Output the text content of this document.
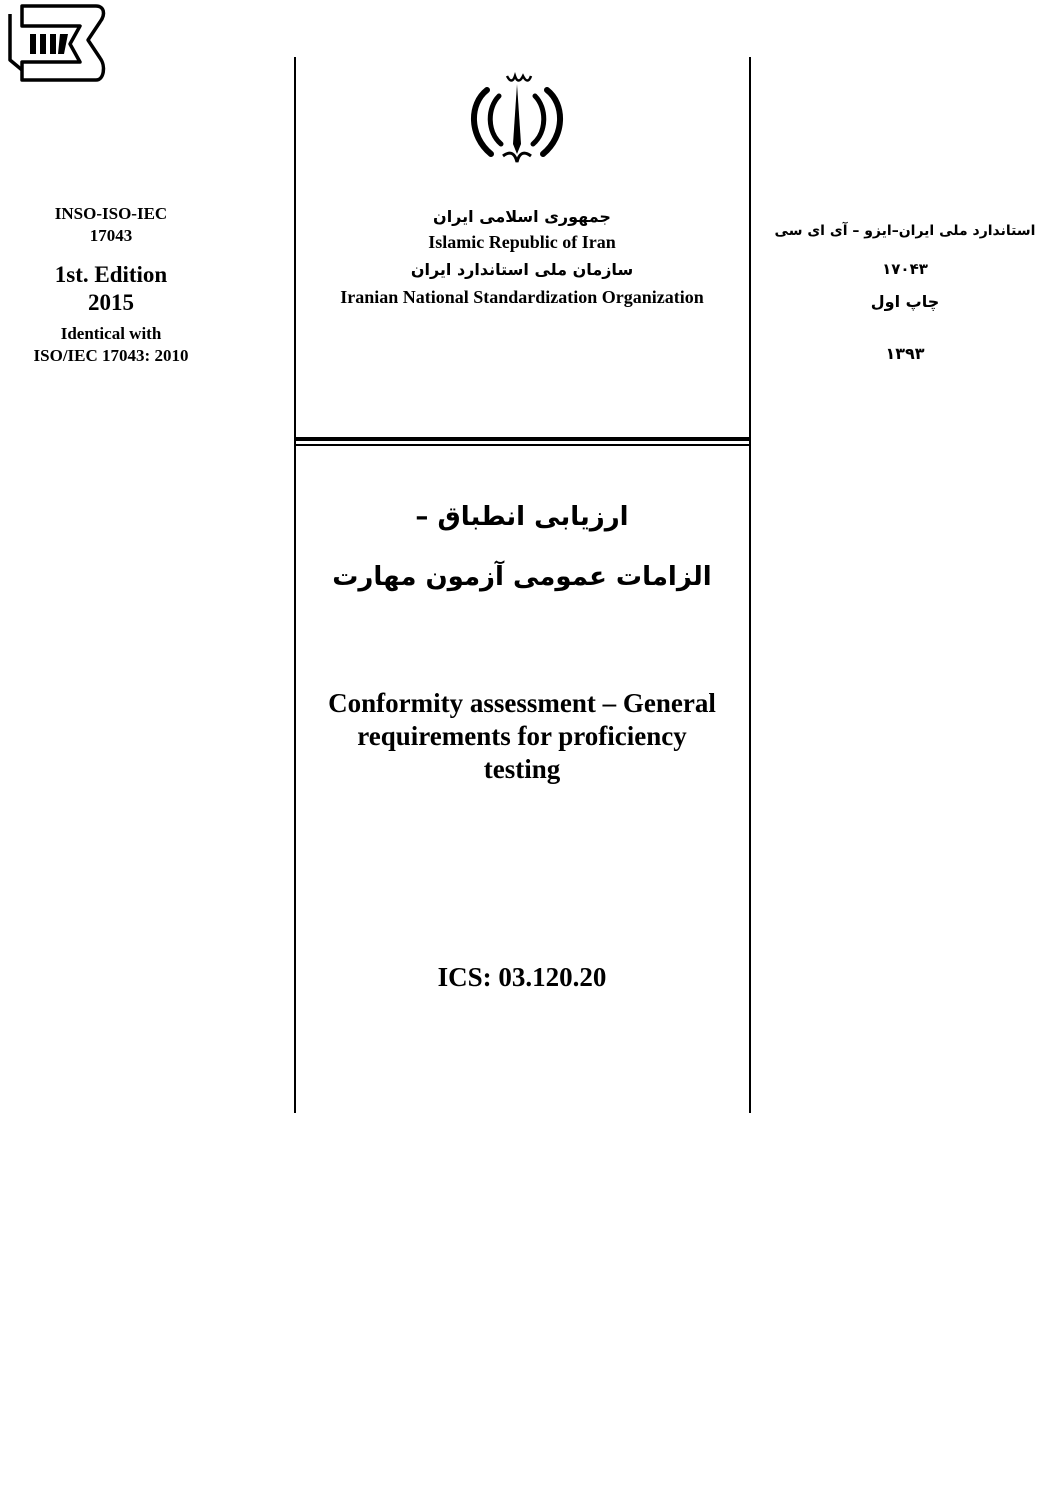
INSO-ISO-IEC
17043
1st. Edition
2015
Identical with
ISO/IEC 17043: 2010
جمهوری اسلامی ایران
Islamic Republic of Iran
سازمان ملی استاندارد ایران
Iranian National Standardization Organization
استاندارد ملی ایران–ایزو – آی ای سی
۱۷۰۴۳
چاپ اول
۱۳۹۳
ارزیابی انطباق –
الزامات عمومی آزمون مهارت
Conformity assessment – General
requirements for proficiency
testing
ICS: 03.120.20
